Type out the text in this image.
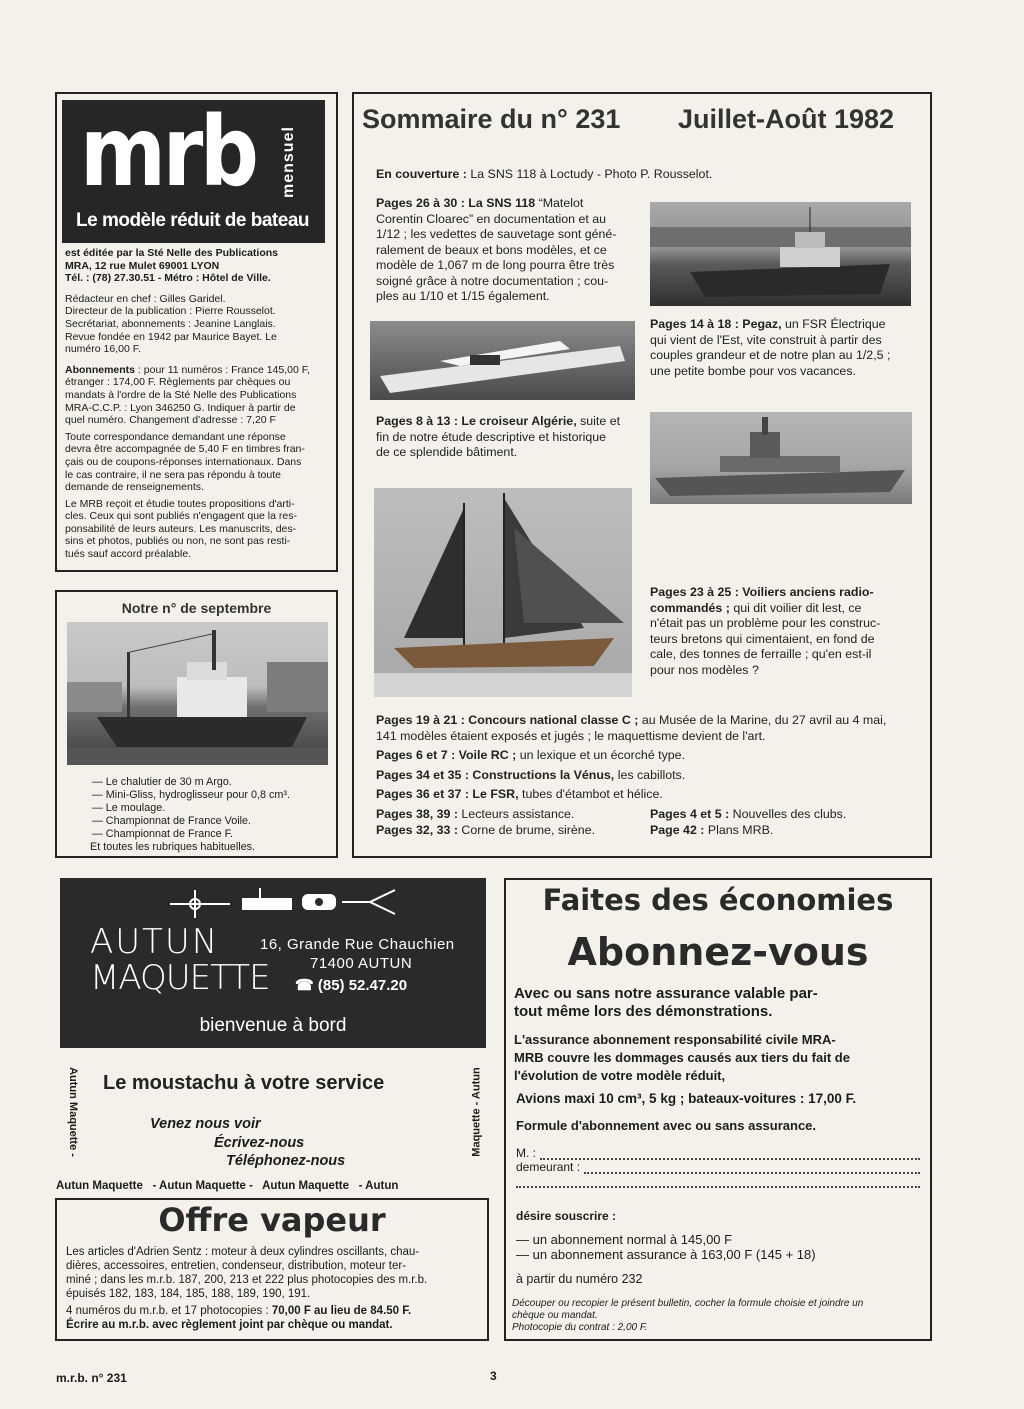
mrb mensuel
Le modèle réduit de bateau
est éditée par la Sté Nelle des Publications
MRA, 12 rue Mulet 69001 LYON
Tél. : (78) 27.30.51 - Métro : Hôtel de Ville.
Rédacteur en chef : Gilles Garidel.
Directeur de la publication : Pierre Rousselot.
Secrétariat, abonnements : Jeanine Langlais.
Revue fondée en 1942 par Maurice Bayet. Le
numéro 16,00 F.
Abonnements : pour 11 numéros : France 145,00 F,
étranger : 174,00 F. Règlements par chèques ou
mandats à l'ordre de la Sté Nelle des Publications
MRA-C.C.P. : Lyon 346250 G. Indiquer à partir de
quel numéro. Changement d'adresse : 7,20 F
Toute correspondance demandant une réponse
devra être accompagnée de 5,40 F en timbres fran-
çais ou de coupons-réponses internationaux. Dans
le cas contraire, il ne sera pas répondu à toute
demande de renseignements.
Le MRB reçoit et étudie toutes propositions d'arti-
cles. Ceux qui sont publiés n'engagent que la res-
ponsabilité de leurs auteurs. Les manuscrits, des-
sins et photos, publiés ou non, ne sont pas resti-
tués sauf accord préalable.
Notre n° de septembre
— Le chalutier de 30 m Argo.
— Mini-Gliss, hydroglisseur pour 0,8 cm³.
— Le moulage.
— Championnat de France Voile.
— Championnat de France F.
Et toutes les rubriques habituelles.
Sommaire du n° 231 Juillet-Août 1982
En couverture : La SNS 118 à Loctudy - Photo P. Rousselot.
Pages 26 à 30 : La SNS 118 “Matelot
Corentin Cloarec” en documentation et au
1/12 ; les vedettes de sauvetage sont géné-
ralement de beaux et bons modèles, et ce
modèle de 1,067 m de long pourra être très
soigné grâce à notre documentation ; cou-
ples au 1/10 et 1/15 également.
Pages 14 à 18 : Pegaz, un FSR Électrique
qui vient de l'Est, vite construit à partir des
couples grandeur et de notre plan au 1/2,5 ;
une petite bombe pour vos vacances.
Pages 8 à 13 : Le croiseur Algérie, suite et
fin de notre étude descriptive et historique
de ce splendide bâtiment.
Pages 23 à 25 : Voiliers anciens radio-
commandés ; qui dit voilier dit lest, ce
n'était pas un problème pour les construc-
teurs bretons qui cimentaient, en fond de
cale, des tonnes de ferraille ; qu'en est-il
pour nos modèles ?
Pages 19 à 21 : Concours national classe C ; au Musée de la Marine, du 27 avril au 4 mai,
141 modèles étaient exposés et jugés ; le maquettisme devient de l'art.
Pages 6 et 7 : Voile RC ; un lexique et un écorché type.
Pages 34 et 35 : Constructions la Vénus, les cabillots.
Pages 36 et 37 : Le FSR, tubes d'étambot et hélice.
Pages 38, 39 : Lecteurs assistance.
Pages 32, 33 : Corne de brume, sirène.
Pages 4 et 5 : Nouvelles des clubs.
Page 42 : Plans MRB.
AUTUN
MAQUETTE
16, Grande Rue Chauchien
71400 AUTUN
☎ (85) 52.47.20
bienvenue à bord
Autun Maquette -	Maquette - Autun
Le moustachu à votre service
Venez nous voir
Écrivez-nous
Téléphonez-nous
Autun Maquette   - Autun Maquette -   Autun Maquette   - Autun
Offre vapeur
Les articles d'Adrien Sentz : moteur à deux cylindres oscillants, chau-
dières, accessoires, entretien, condenseur, distribution, moteur ter-
miné ; dans les m.r.b. 187, 200, 213 et 222 plus photocopies des m.r.b.
épuisés 182, 183, 184, 185, 188, 189, 190, 191.
4 numéros du m.r.b. et 17 photocopies : 70,00 F au lieu de 84.50 F.
Écrire au m.r.b. avec règlement joint par chèque ou mandat.
Faites des économies
Abonnez-vous
Avec ou sans notre assurance valable par-
tout même lors des démonstrations.
L'assurance abonnement responsabilité civile MRA-
MRB couvre les dommages causés aux tiers du fait de
l'évolution de votre modèle réduit,
Avions maxi 10 cm³, 5 kg ; bateaux-voitures : 17,00 F.
Formule d'abonnement avec ou sans assurance.
M. :
demeurant :
désire souscrire :
— un abonnement normal à 145,00 F
— un abonnement assurance à 163,00 F (145 + 18)
à partir du numéro 232
Découper ou recopier le présent bulletin, cocher la formule choisie et joindre un
chèque ou mandat.
Photocopie du contrat : 2,00 F.
m.r.b. n° 231	3
